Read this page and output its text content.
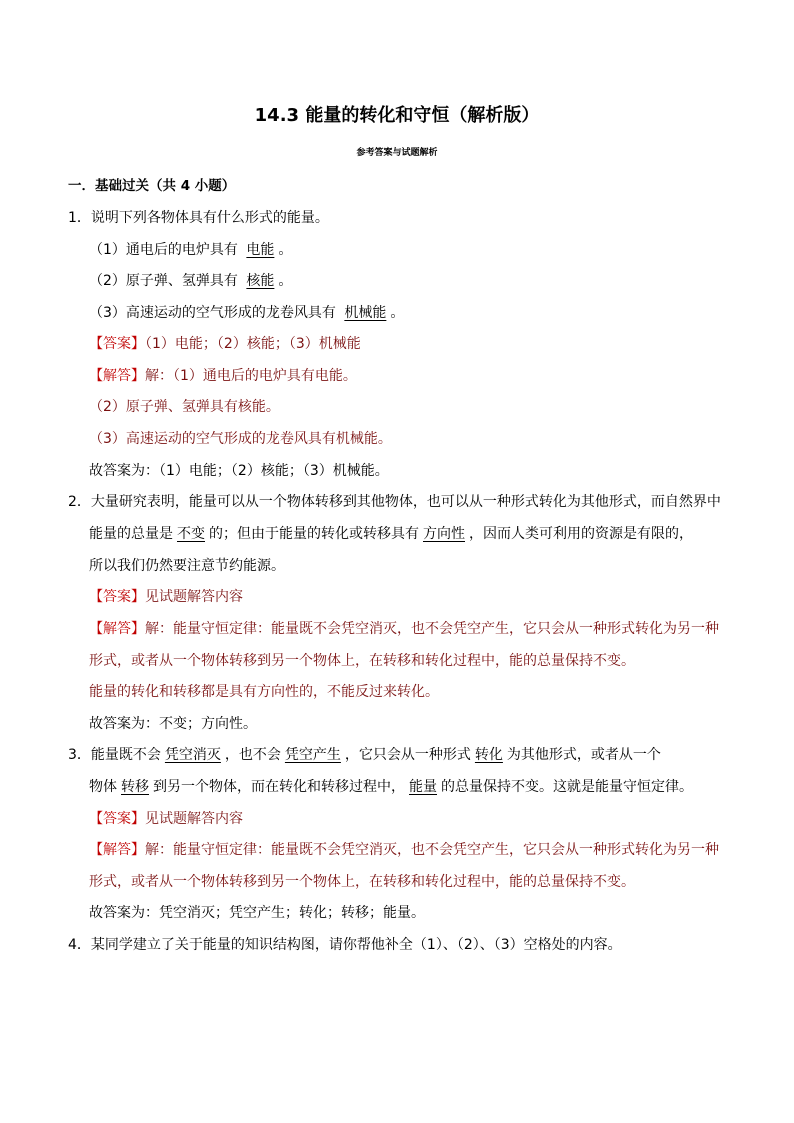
14.3 能量的转化和守恒（解析版）
参考答案与试题解析
一．基础过关（共 4 小题）
1．说明下列各物体具有什么形式的能量。
（1）通电后的电炉具有 电能 。
（2）原子弹、氢弹具有 核能 。
（3）高速运动的空气形成的龙卷风具有 机械能 。
【答案】（1）电能；（2）核能；（3）机械能
【解答】解：（1）通电后的电炉具有电能。
（2）原子弹、氢弹具有核能。
（3）高速运动的空气形成的龙卷风具有机械能。
故答案为：（1）电能；（2）核能；（3）机械能。
2．大量研究表明，能量可以从一个物体转移到其他物体，也可以从一种形式转化为其他形式，而自然界中
能量的总量是 不变 的；但由于能量的转化或转移具有 方向性 ，因而人类可利用的资源是有限的，
所以我们仍然要注意节约能源。
【答案】见试题解答内容
【解答】解：能量守恒定律：能量既不会凭空消灭，也不会凭空产生，它只会从一种形式转化为另一种
形式，或者从一个物体转移到另一个物体上，在转移和转化过程中，能的总量保持不变。
能量的转化和转移都是具有方向性的，不能反过来转化。
故答案为：不变；方向性。
3．能量既不会 凭空消灭 ，也不会 凭空产生 ，它只会从一种形式 转化 为其他形式，或者从一个
物体 转移 到另一个物体，而在转化和转移过程中， 能量 的总量保持不变。这就是能量守恒定律。
【答案】见试题解答内容
【解答】解：能量守恒定律：能量既不会凭空消灭，也不会凭空产生，它只会从一种形式转化为另一种
形式，或者从一个物体转移到另一个物体上，在转移和转化过程中，能的总量保持不变。
故答案为：凭空消灭；凭空产生；转化；转移；能量。
4．某同学建立了关于能量的知识结构图，请你帮他补全（1）、（2）、（3）空格处的内容。
